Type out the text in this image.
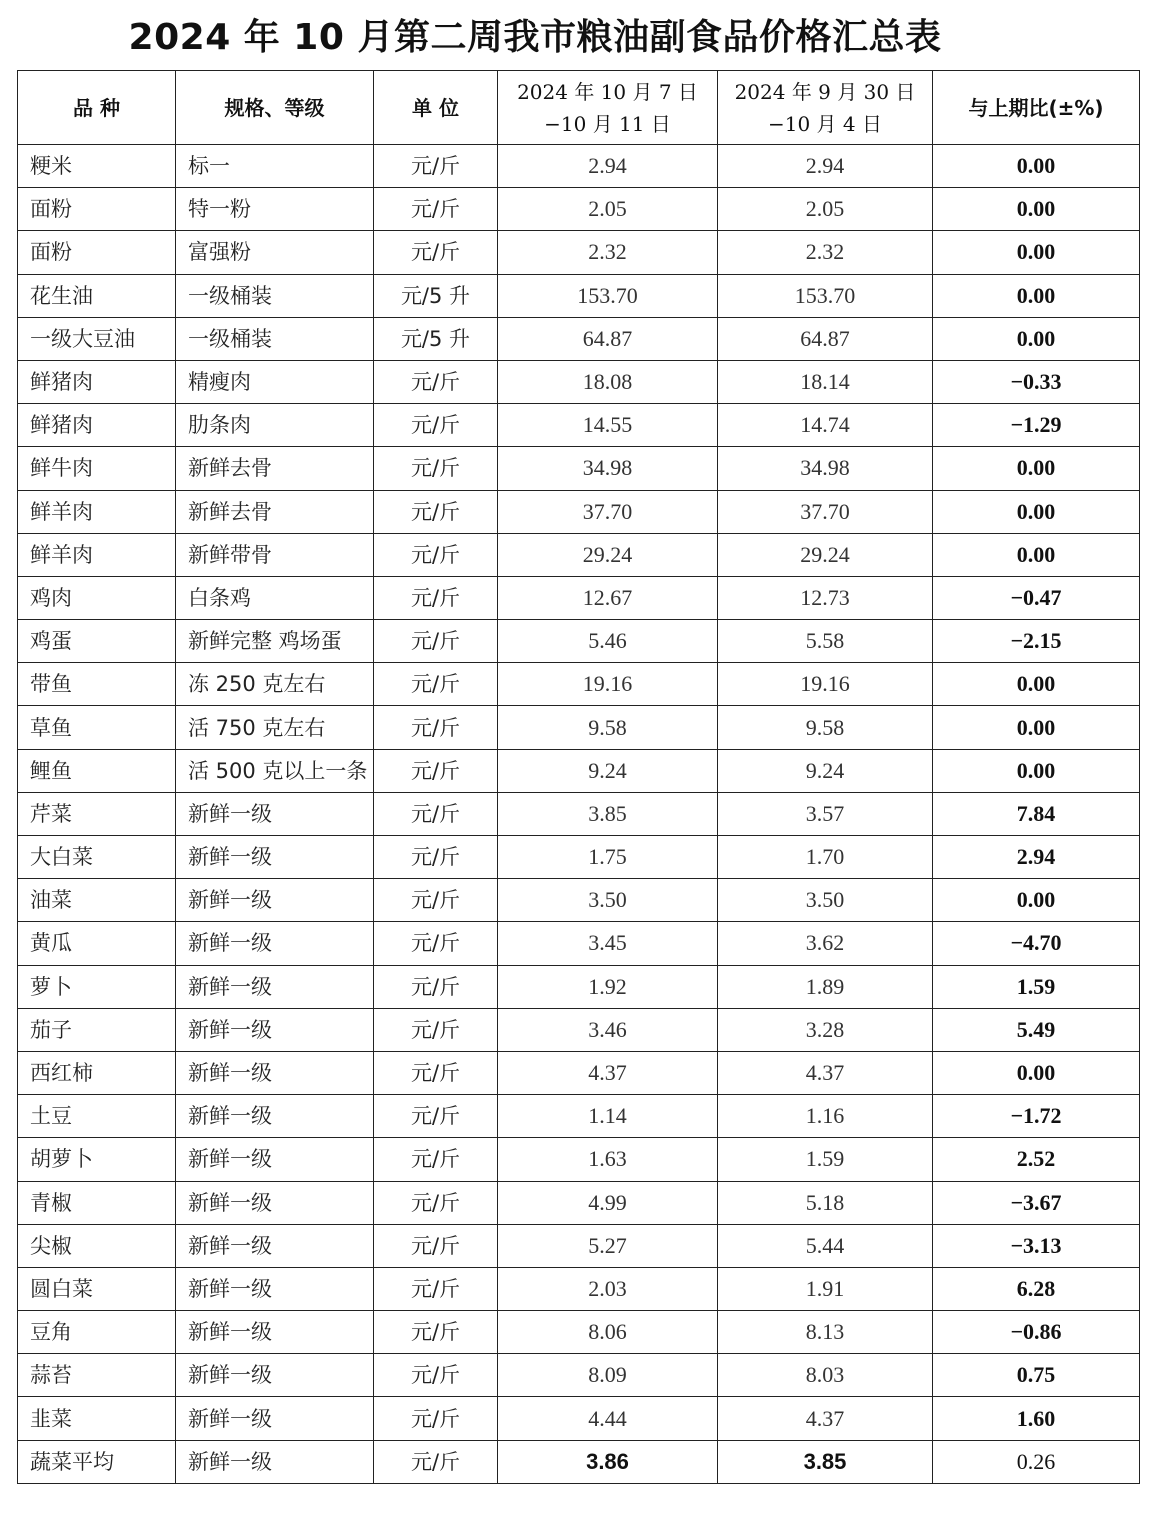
2024 年 10 月第二周我市粮油副食品价格汇总表
品 种	规格、等级	单 位	2024 年 10 月 7 日
−10 月 11 日	2024 年 9 月 30 日
−10 月 4 日	与上期比(±%)
粳米	标一	元/斤	2.94	2.94	0.00
面粉	特一粉	元/斤	2.05	2.05	0.00
面粉	富强粉	元/斤	2.32	2.32	0.00
花生油	一级桶装	元/5 升	153.70	153.70	0.00
一级大豆油	一级桶装	元/5 升	64.87	64.87	0.00
鲜猪肉	精瘦肉	元/斤	18.08	18.14	−0.33
鲜猪肉	肋条肉	元/斤	14.55	14.74	−1.29
鲜牛肉	新鲜去骨	元/斤	34.98	34.98	0.00
鲜羊肉	新鲜去骨	元/斤	37.70	37.70	0.00
鲜羊肉	新鲜带骨	元/斤	29.24	29.24	0.00
鸡肉	白条鸡	元/斤	12.67	12.73	−0.47
鸡蛋	新鲜完整 鸡场蛋	元/斤	5.46	5.58	−2.15
带鱼	冻 250 克左右	元/斤	19.16	19.16	0.00
草鱼	活 750 克左右	元/斤	9.58	9.58	0.00
鲤鱼	活 500 克以上一条	元/斤	9.24	9.24	0.00
芹菜	新鲜一级	元/斤	3.85	3.57	7.84
大白菜	新鲜一级	元/斤	1.75	1.70	2.94
油菜	新鲜一级	元/斤	3.50	3.50	0.00
黄瓜	新鲜一级	元/斤	3.45	3.62	−4.70
萝卜	新鲜一级	元/斤	1.92	1.89	1.59
茄子	新鲜一级	元/斤	3.46	3.28	5.49
西红柿	新鲜一级	元/斤	4.37	4.37	0.00
土豆	新鲜一级	元/斤	1.14	1.16	−1.72
胡萝卜	新鲜一级	元/斤	1.63	1.59	2.52
青椒	新鲜一级	元/斤	4.99	5.18	−3.67
尖椒	新鲜一级	元/斤	5.27	5.44	−3.13
圆白菜	新鲜一级	元/斤	2.03	1.91	6.28
豆角	新鲜一级	元/斤	8.06	8.13	−0.86
蒜苔	新鲜一级	元/斤	8.09	8.03	0.75
韭菜	新鲜一级	元/斤	4.44	4.37	1.60
蔬菜平均	新鲜一级	元/斤	3.86	3.85	0.26
